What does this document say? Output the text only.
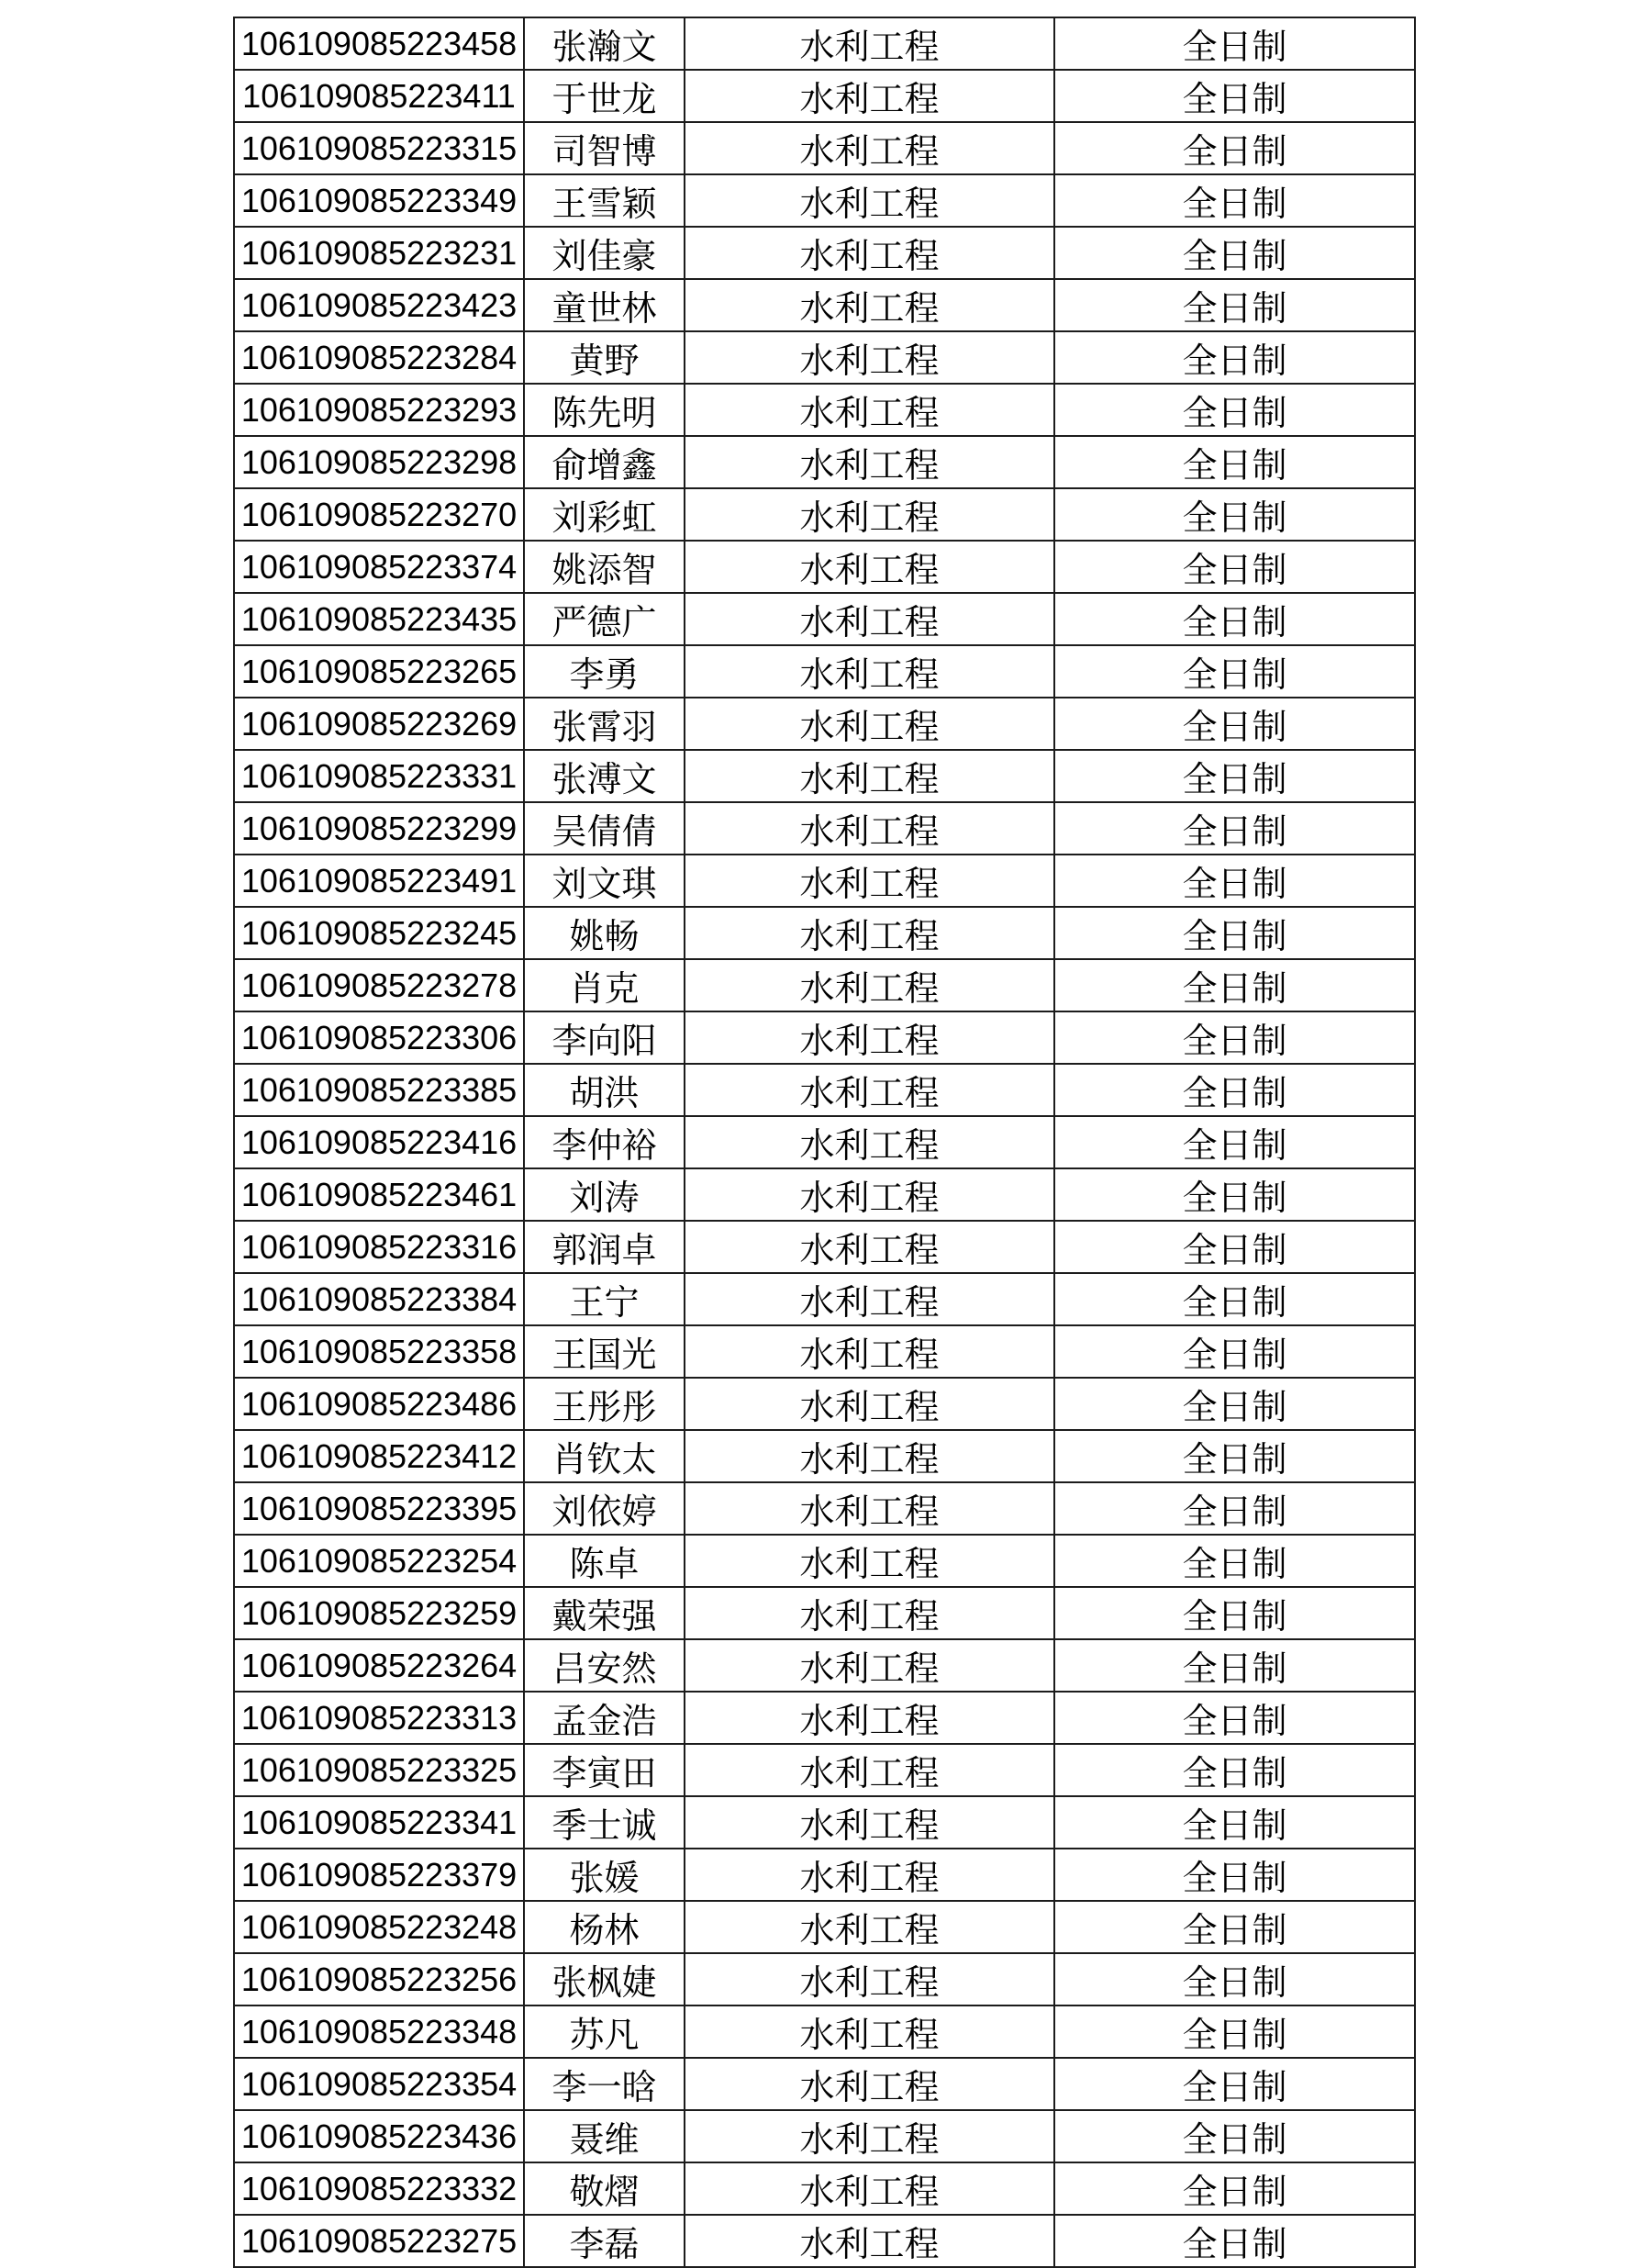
106109085223458	张瀚文	水利工程	全日制
106109085223411	于世龙	水利工程	全日制
106109085223315	司智博	水利工程	全日制
106109085223349	王雪颖	水利工程	全日制
106109085223231	刘佳豪	水利工程	全日制
106109085223423	童世林	水利工程	全日制
106109085223284	黄野	水利工程	全日制
106109085223293	陈先明	水利工程	全日制
106109085223298	俞增鑫	水利工程	全日制
106109085223270	刘彩虹	水利工程	全日制
106109085223374	姚添智	水利工程	全日制
106109085223435	严德广	水利工程	全日制
106109085223265	李勇	水利工程	全日制
106109085223269	张霄羽	水利工程	全日制
106109085223331	张溥文	水利工程	全日制
106109085223299	吴倩倩	水利工程	全日制
106109085223491	刘文琪	水利工程	全日制
106109085223245	姚畅	水利工程	全日制
106109085223278	肖克	水利工程	全日制
106109085223306	李向阳	水利工程	全日制
106109085223385	胡洪	水利工程	全日制
106109085223416	李仲裕	水利工程	全日制
106109085223461	刘涛	水利工程	全日制
106109085223316	郭润卓	水利工程	全日制
106109085223384	王宁	水利工程	全日制
106109085223358	王国光	水利工程	全日制
106109085223486	王彤彤	水利工程	全日制
106109085223412	肖钦太	水利工程	全日制
106109085223395	刘依婷	水利工程	全日制
106109085223254	陈卓	水利工程	全日制
106109085223259	戴荣强	水利工程	全日制
106109085223264	吕安然	水利工程	全日制
106109085223313	孟金浩	水利工程	全日制
106109085223325	李寅田	水利工程	全日制
106109085223341	季士诚	水利工程	全日制
106109085223379	张媛	水利工程	全日制
106109085223248	杨林	水利工程	全日制
106109085223256	张枫婕	水利工程	全日制
106109085223348	苏凡	水利工程	全日制
106109085223354	李一晗	水利工程	全日制
106109085223436	聂维	水利工程	全日制
106109085223332	敬熠	水利工程	全日制
106109085223275	李磊	水利工程	全日制
